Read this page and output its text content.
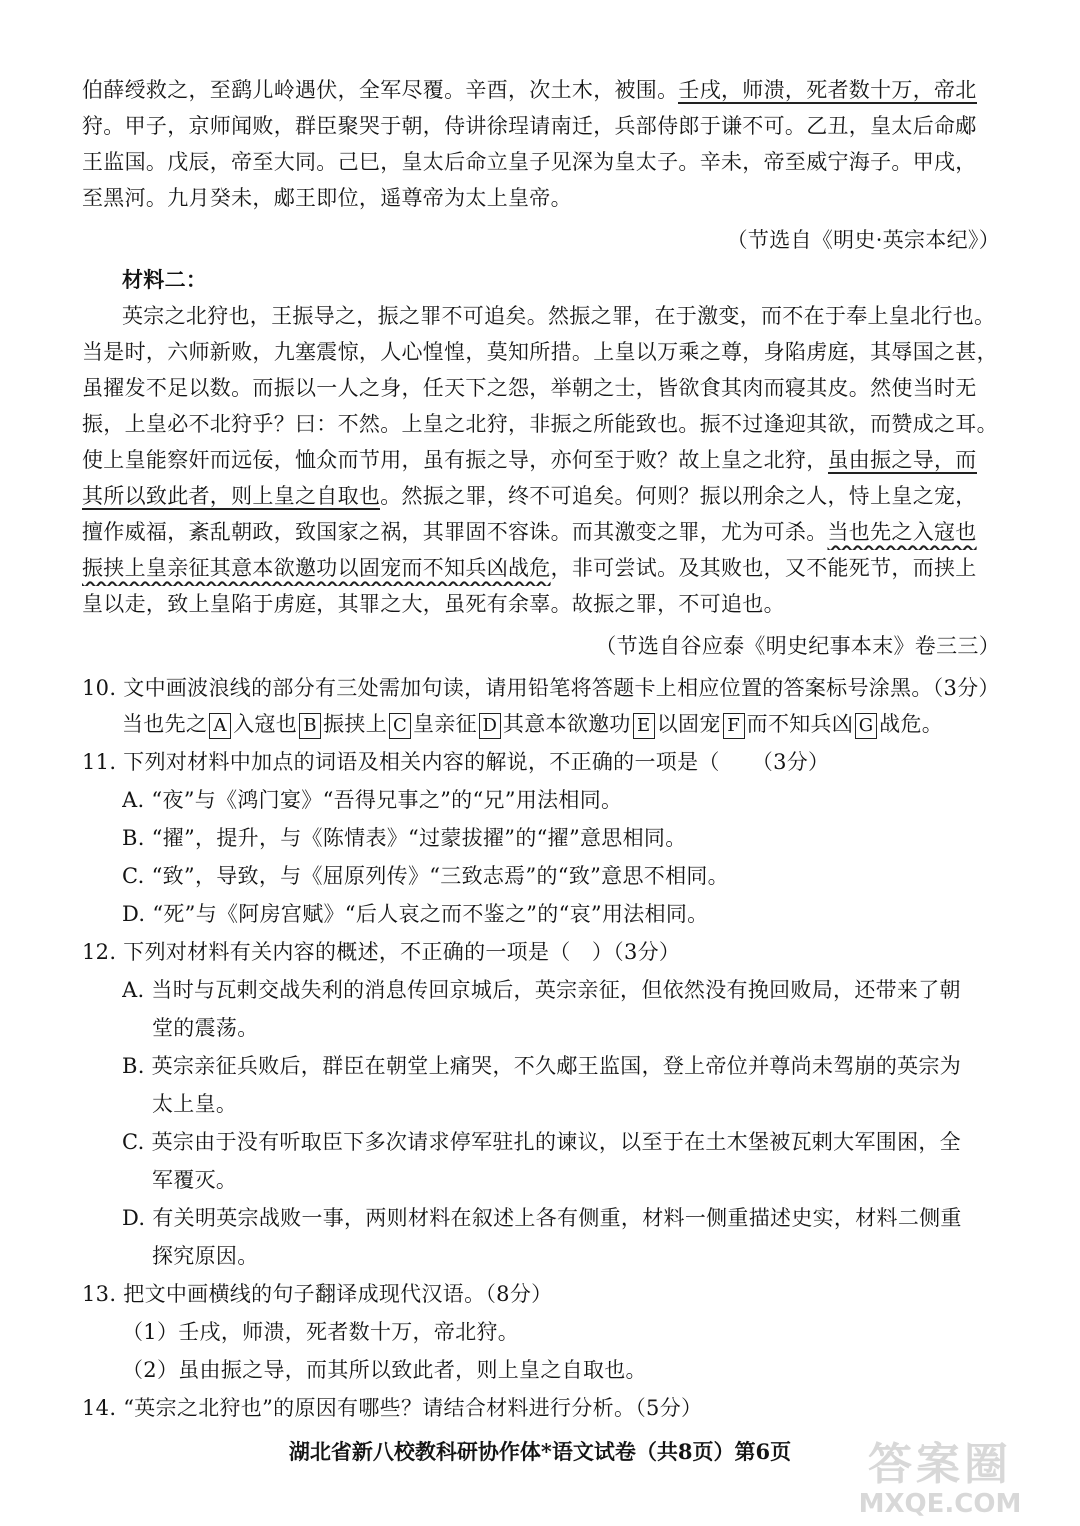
伯薛绶救之，至鹞儿岭遇伏，全军尽覆。辛酉，次土木，被围。壬戌，师溃，死者数十万，帝北
狩。甲子，京师闻败，群臣聚哭于朝，侍讲徐珵请南迁，兵部侍郎于谦不可。乙丑，皇太后命郕
王监国。戊辰，帝至大同。己巳，皇太后命立皇子见深为皇太子。辛未，帝至威宁海子。甲戌，
至黑河。九月癸未，郕王即位，遥尊帝为太上皇帝。
（节选自《明史·英宗本纪》）
材料二：
英宗之北狩也，王振导之，振之罪不可追矣。然振之罪，在于激变，而不在于奉上皇北行也。
当是时，六师新败，九塞震惊，人心惶惶，莫知所措。上皇以万乘之尊，身陷虏庭，其辱国之甚，
虽擢发不足以数。而振以一人之身，任天下之怨，举朝之士，皆欲食其肉而寝其皮。然使当时无
振，上皇必不北狩乎？曰：不然。上皇之北狩，非振之所能致也。振不过逢迎其欲，而赞成之耳。
使上皇能察奸而远佞，恤众而节用，虽有振之导，亦何至于败？故上皇之北狩，虽由振之导，而
其所以致此者，则上皇之自取也。然振之罪，终不可追矣。何则？振以刑余之人，恃上皇之宠，
擅作威福，紊乱朝政，致国家之祸，其罪固不容诛。而其激变之罪，尤为可杀。当也先之入寇也
振挟上皇亲征其意本欲邀功以固宠而不知兵凶战危，非可尝试。及其败也，又不能死节，而挟上
皇以走，致上皇陷于虏庭，其罪之大，虽死有余辜。故振之罪，不可追也。
（节选自谷应泰《明史纪事本末》卷三三）
10. 文中画波浪线的部分有三处需加句读，请用铅笔将答题卡上相应位置的答案标号涂黑。（3分）
当也先之 A 入寇也 B 振挟上 C 皇亲征 D 其意本欲邀功 E 以固宠 F 而不知兵凶 G 战危。
11. 下列对材料中加点的词语及相关内容的解说，不正确的一项是（　　（3分）
A. “夜”与《鸿门宴》“吾得兄事之”的“兄”用法相同。
B. “擢”，提升，与《陈情表》“过蒙拔擢”的“擢”意思相同。
C. “致”，导致，与《屈原列传》“三致志焉”的“致”意思不相同。
D. “死”与《阿房宫赋》“后人哀之而不鉴之”的“哀”用法相同。
12. 下列对材料有关内容的概述，不正确的一项是（　）（3分）
A. 当时与瓦剌交战失利的消息传回京城后，英宗亲征，但依然没有挽回败局，还带来了朝
堂的震荡。
B. 英宗亲征兵败后，群臣在朝堂上痛哭，不久郕王监国，登上帝位并尊尚未驾崩的英宗为
太上皇。
C. 英宗由于没有听取臣下多次请求停军驻扎的谏议，以至于在土木堡被瓦剌大军围困，全
军覆灭。
D. 有关明英宗战败一事，两则材料在叙述上各有侧重，材料一侧重描述史实，材料二侧重
探究原因。
13. 把文中画横线的句子翻译成现代汉语。（8分）
（1）壬戌，师溃，死者数十万，帝北狩。
（2）虽由振之导，而其所以致此者，则上皇之自取也。
14. “英宗之北狩也”的原因有哪些？请结合材料进行分析。（5分）
湖北省新八校教科研协作体*语文试卷（共8页）第6页	答案圈
MXQE.COM
